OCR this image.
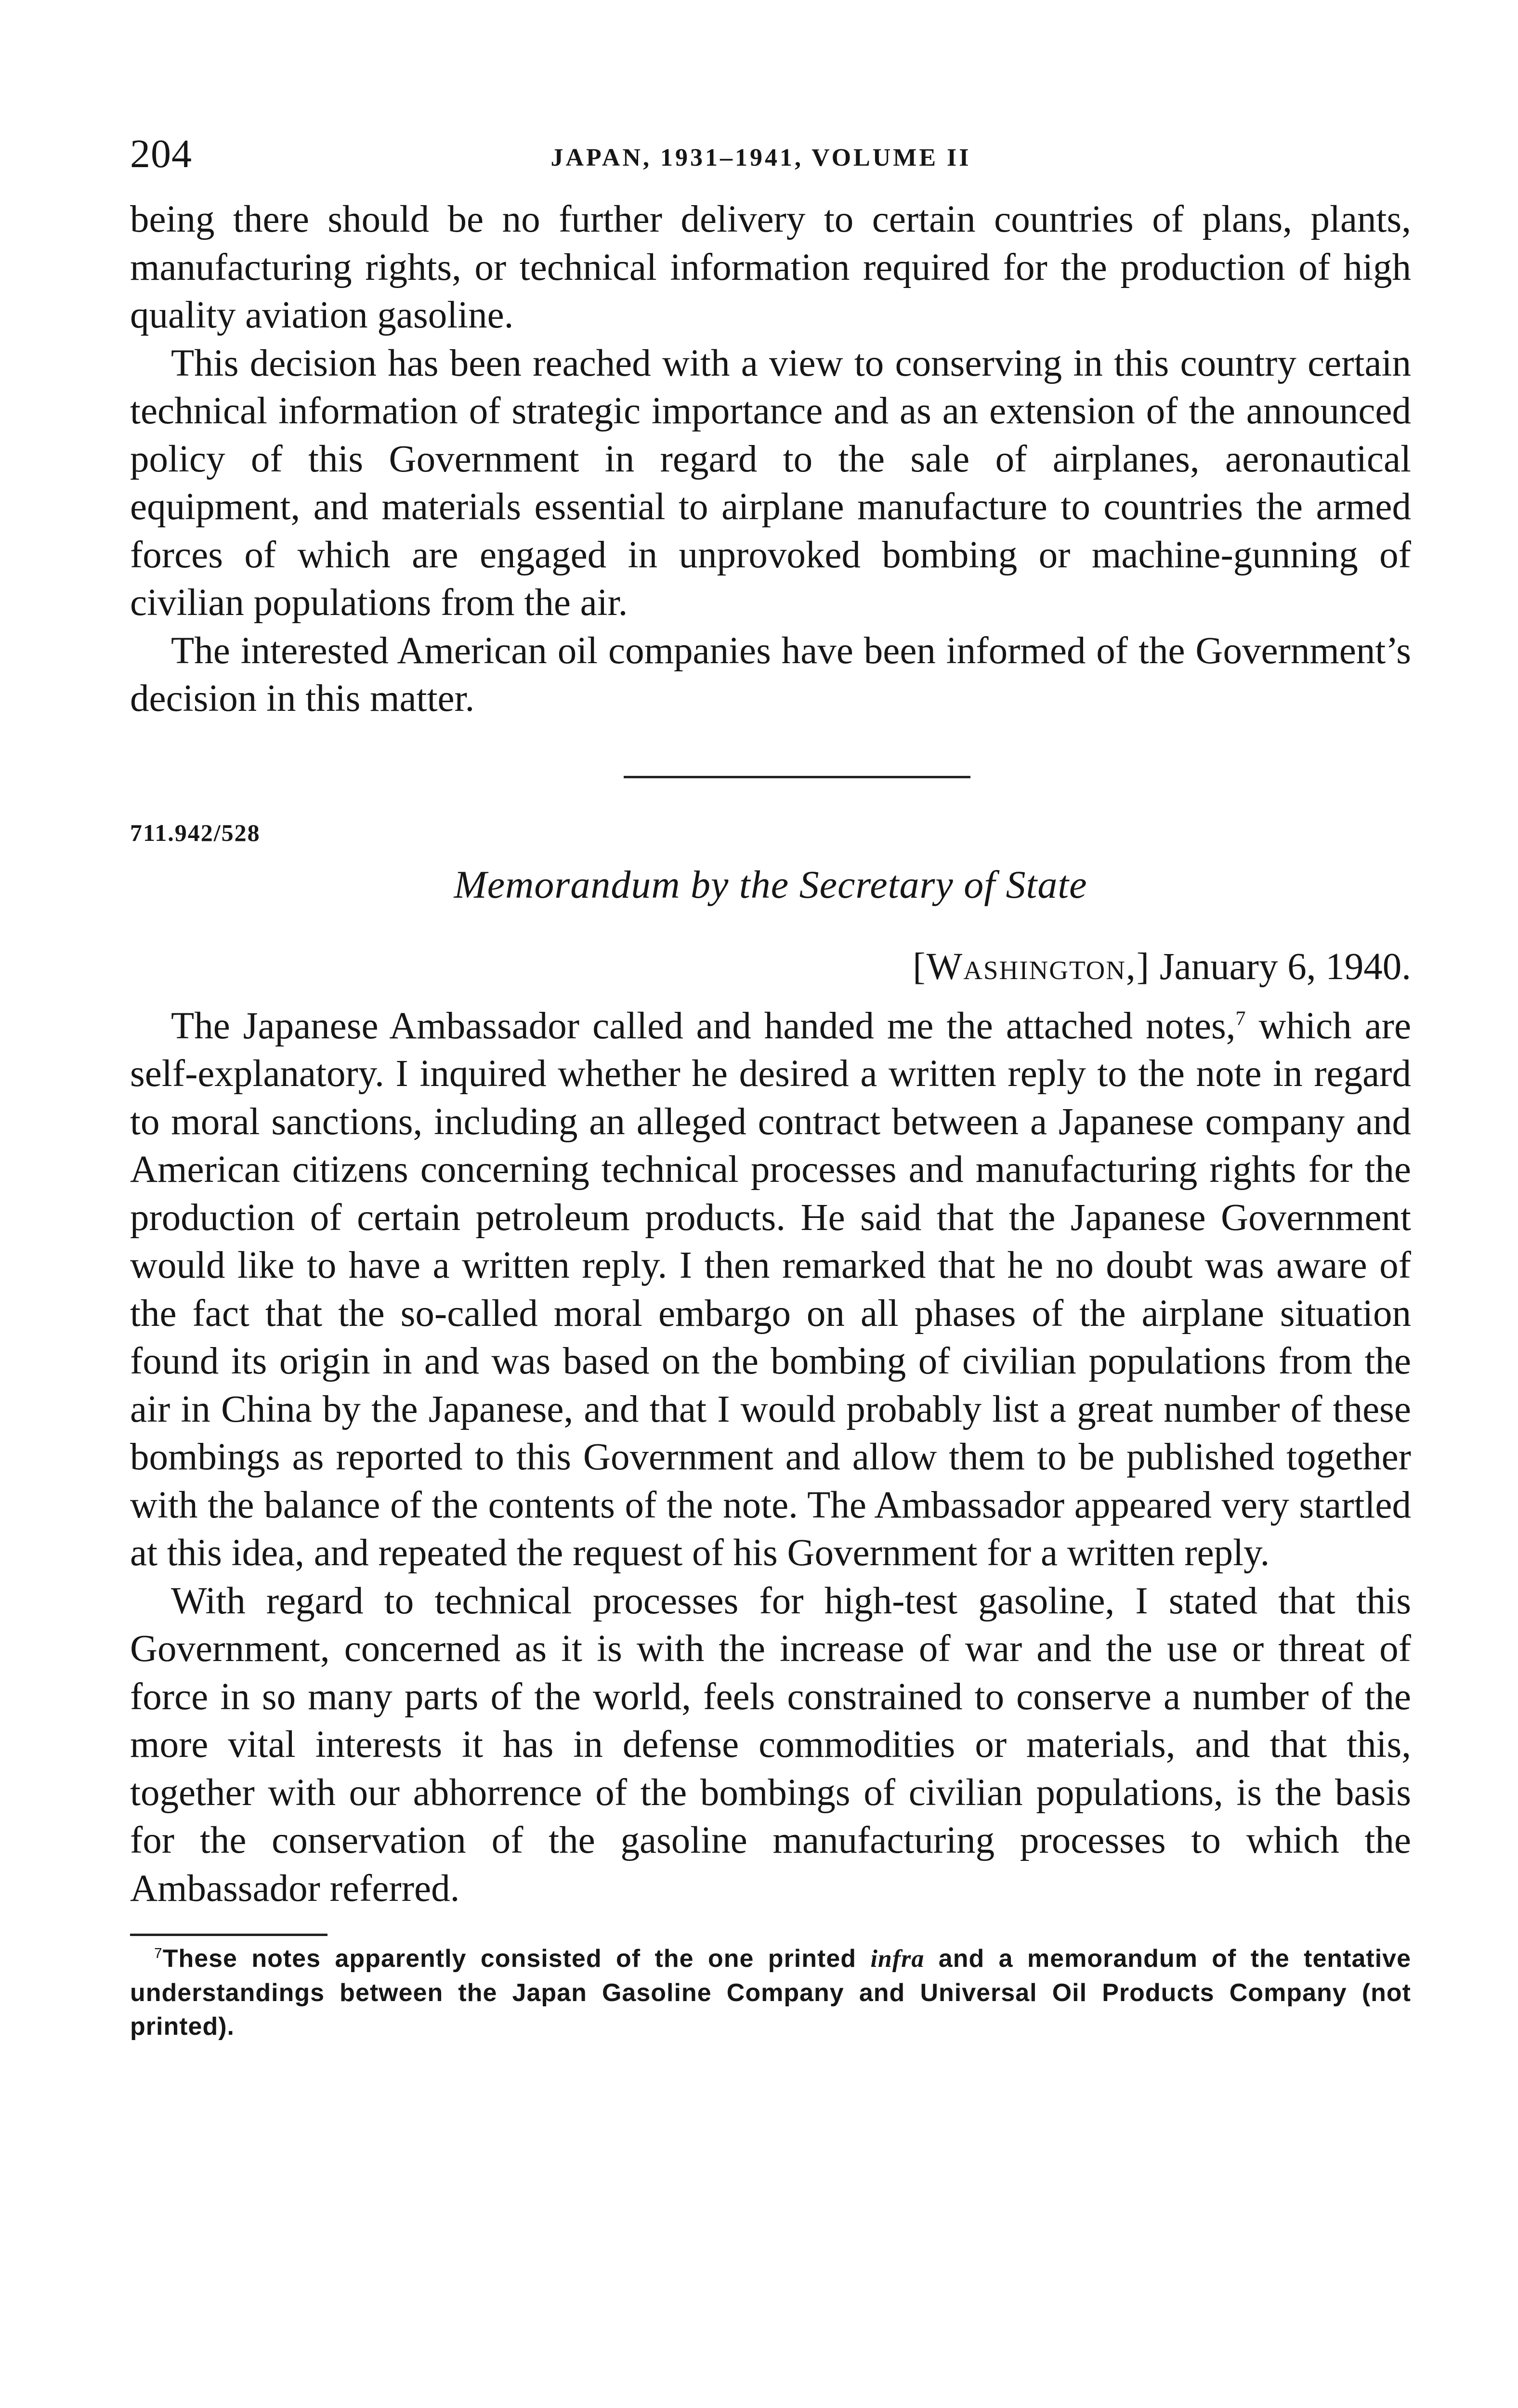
204	JAPAN, 1931–1941, VOLUME II

being there should be no further delivery to certain countries of plans, plants, manufacturing rights, or technical information required for the production of high quality aviation gasoline.

This decision has been reached with a view to conserving in this country certain technical information of strategic importance and as an extension of the announced policy of this Government in regard to the sale of airplanes, aeronautical equipment, and materials essential to airplane manufacture to countries the armed forces of which are engaged in unprovoked bombing or machine-gunning of civilian populations from the air.

The interested American oil companies have been informed of the Government’s decision in this matter.

711.942/528
Memorandum by the Secretary of State
[Washington,] January 6, 1940.

The Japanese Ambassador called and handed me the attached notes,$^7$ which are self-explanatory. I inquired whether he desired a written reply to the note in regard to moral sanctions, including an alleged contract between a Japanese company and American citizens concerning technical processes and manufacturing rights for the production of certain petroleum products. He said that the Japanese Government would like to have a written reply. I then remarked that he no doubt was aware of the fact that the so-called moral embargo on all phases of the airplane situation found its origin in and was based on the bombing of civilian populations from the air in China by the Japanese, and that I would probably list a great number of these bombings as reported to this Government and allow them to be published together with the balance of the contents of the note. The Ambassador appeared very startled at this idea, and repeated the request of his Government for a written reply.

With regard to technical processes for high-test gasoline, I stated that this Government, concerned as it is with the increase of war and the use or threat of force in so many parts of the world, feels constrained to conserve a number of the more vital interests it has in defense commodities or materials, and that this, together with our abhorrence of the bombings of civilian populations, is the basis for the conservation of the gasoline manufacturing processes to which the Ambassador referred.

$^7$These notes apparently consisted of the one printed infra and a memorandum of the tentative understandings between the Japan Gasoline Company and Universal Oil Products Company (not printed).
